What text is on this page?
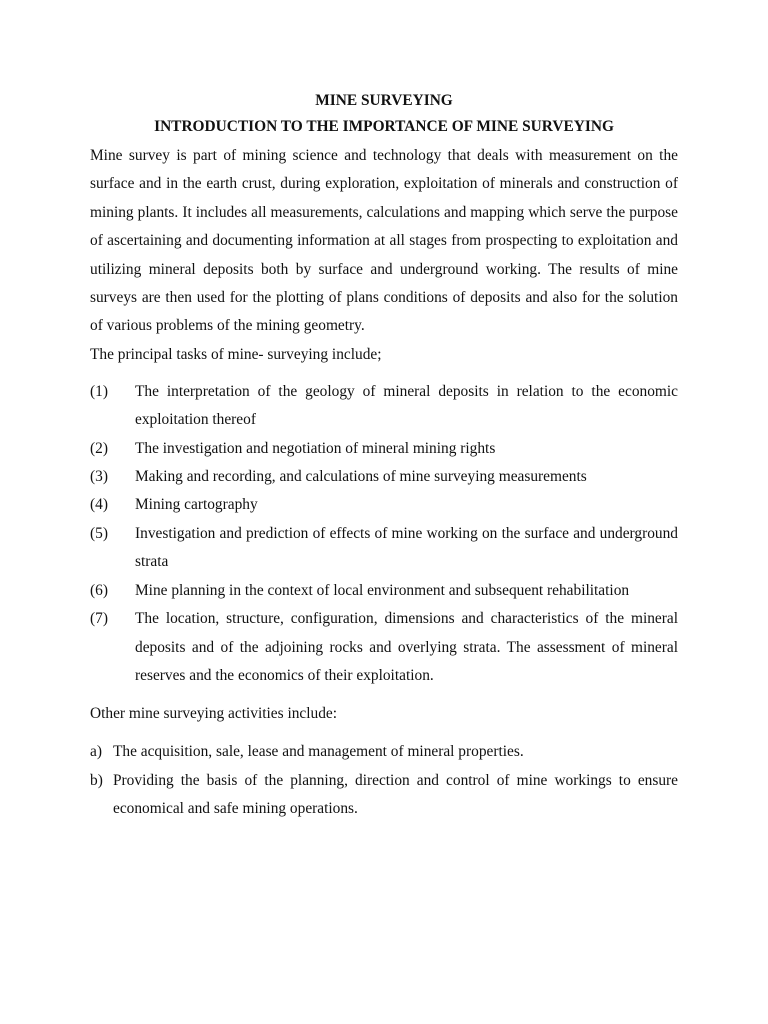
MINE SURVEYING

INTRODUCTION TO THE IMPORTANCE OF MINE SURVEYING

Mine survey is part of mining science and technology that deals with measurement on the surface and in the earth crust, during exploration, exploitation of minerals and construction of mining plants. It includes all measurements, calculations and mapping which serve the purpose of ascertaining and documenting information at all stages from prospecting to exploitation and utilizing mineral deposits both by surface and underground working. The results of mine surveys are then used for the plotting of plans conditions of deposits and also for the solution of various problems of the mining geometry.

The principal tasks of mine- surveying include;

(1)	The interpretation of the geology of mineral deposits in relation to the economic exploitation thereof
(2)	The investigation and negotiation of mineral mining rights
(3)	Making and recording, and calculations of mine surveying measurements
(4)	Mining cartography
(5)	Investigation and prediction of effects of mine working on the surface and underground strata
(6)	Mine planning in the context of local environment and subsequent rehabilitation
(7)	The location, structure, configuration, dimensions and characteristics of the mineral deposits and of the adjoining rocks and overlying strata. The assessment of mineral reserves and the economics of their exploitation.

Other mine surveying activities include:

a) The acquisition, sale, lease and management of mineral properties.
b) Providing the basis of the planning, direction and control of mine workings to ensure economical and safe mining operations.
